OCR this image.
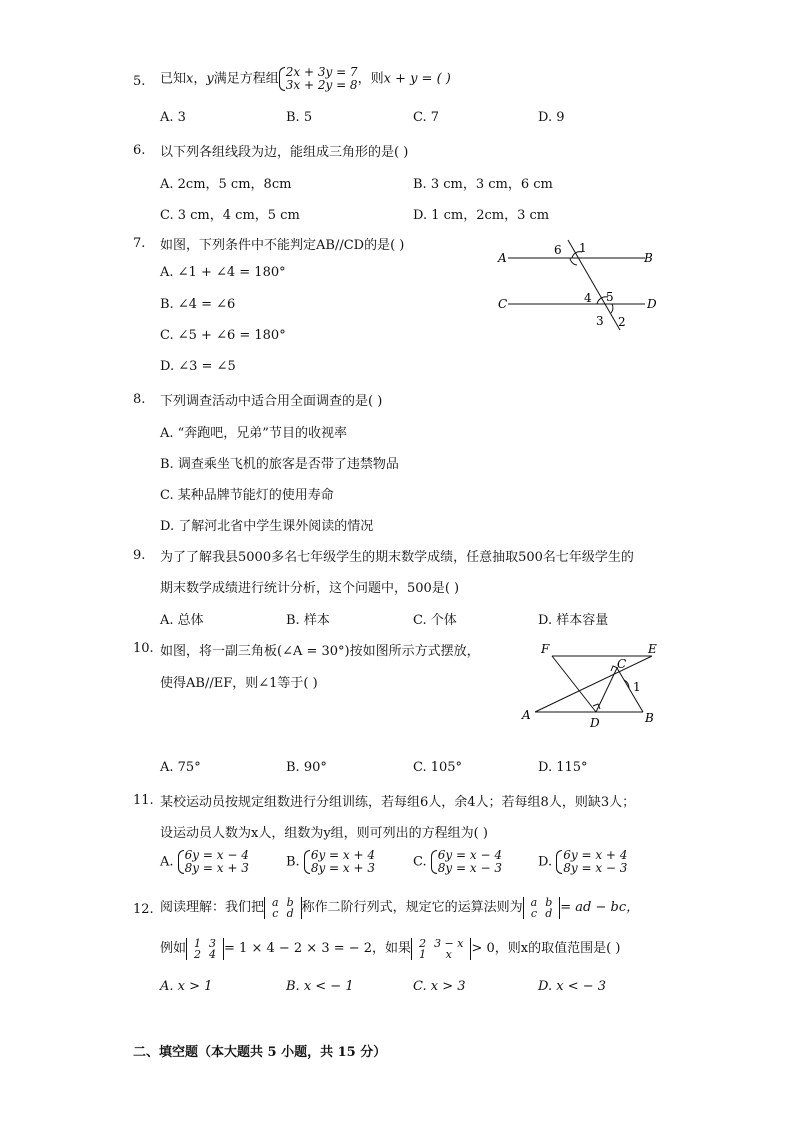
5. 已知x，y满足方程组 2x + 3y = 7
3x + 2y = 8，则x + y = ( )
A. 3	B. 5	C. 7	D. 9
6. 以下列各组线段为边，能组成三角形的是( )
A. 2cm，5 cm，8cm	B. 3 cm，3 cm，6 cm
C. 3 cm，4 cm，5 cm	D. 1 cm，2cm，3 cm
7. 如图，下列条件中不能判定AB//CD的是( )
A. ∠1 + ∠4 = 180°
B. ∠4 = ∠6
C. ∠5 + ∠6 = 180°
D. ∠3 = ∠5
A	B
C	D
1
6
4 5
3 2
8. 下列调查活动中适合用全面调查的是( )
A. “奔跑吧，兄弟”节目的收视率
B. 调查乘坐飞机的旅客是否带了违禁物品
C. 某种品牌节能灯的使用寿命
D. 了解河北省中学生课外阅读的情况
9. 为了了解我县5000多名七年级学生的期末数学成绩，任意抽取500名七年级学生的
期末数学成绩进行统计分析，这个问题中，500是( )
A. 总体	B. 样本	C. 个体	D. 样本容量
10. 如图，将一副三角板(∠A = 30°)按如图所示方式摆放，
使得AB//EF，则∠1等于( )
A. 75°	B. 90°	C. 105°	D. 115°
F	E
C
A
D	B
1
11. 某校运动员按规定组数进行分组训练，若每组6人，余4人；若每组8人，则缺3人；
设运动员人数为x人，组数为y组，则可列出的方程组为( )
A. 6y = x − 4
8y = x + 3	B. 6y = x + 4
8y = x + 3	C. 6y = x − 4
8y = x − 3	D. 6y = x + 4
8y = x − 3
12. 阅读理解：我们把 a	b
c	d 称作二阶行列式，规定它的运算法则为 a	b
c	d = ad − bc，
例如 1	3
2	4 = 1 × 4 − 2 × 3 = − 2，如果 2	3 − x
1	x > 0，则x的取值范围是( )
A. x > 1	B. x < − 1	C. x > 3	D. x < − 3
二、填空题（本大题共 5 小题，共 15 分）
